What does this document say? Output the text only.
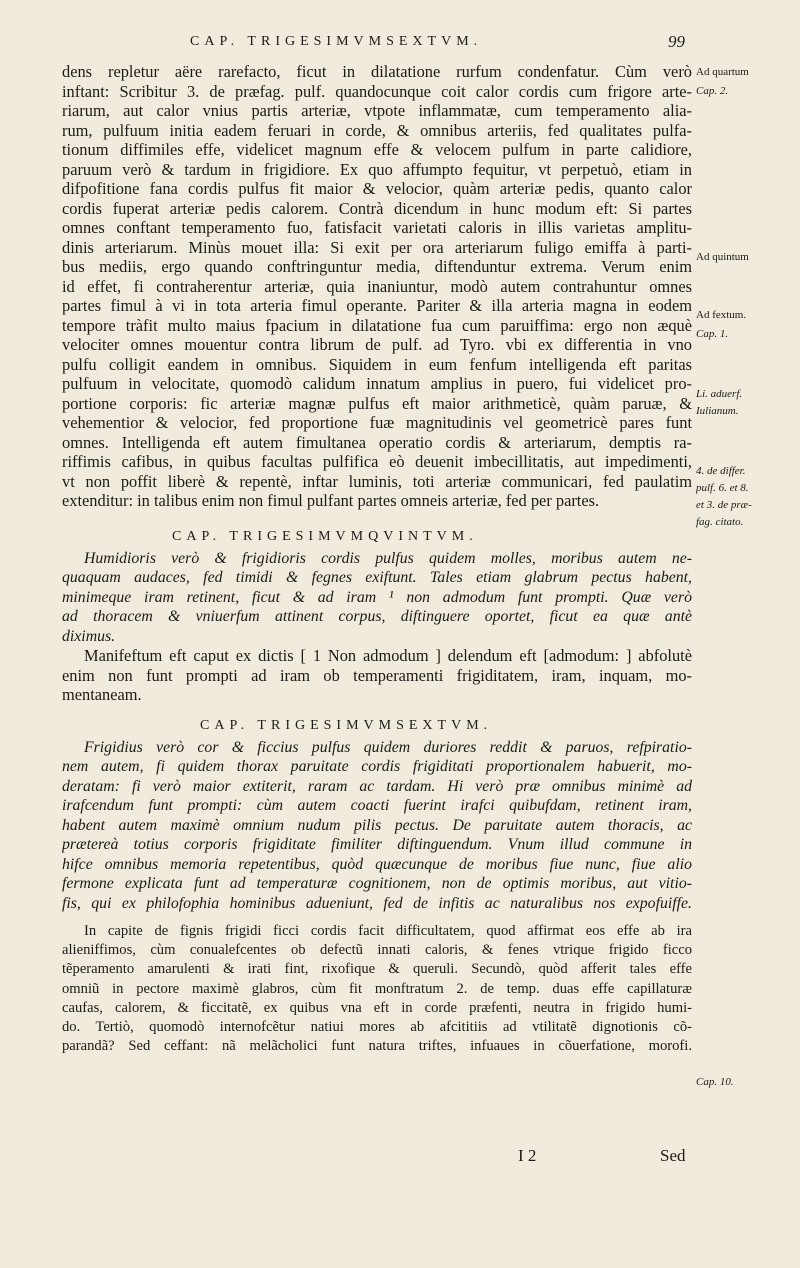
CAP. TRIGESIMVMSEXTVM.	99
dens repletur aëre rarefacto, ficut in dilatatione rurfum condenfatur. Cùm verò
inftant: Scribitur 3. de præfag. pulf. quandocunque coit calor cordis cum frigore arte-
riarum, aut calor vnius partis arteriæ, vtpote inflammatæ, cum temperamento alia-
rum, pulfuum initia eadem feruari in corde, & omnibus arteriis, fed qualitates pulfa-
tionum diffimiles effe, videlicet magnum effe & velocem pulfum in parte calidiore,
paruum verò & tardum in frigidiore. Ex quo affumpto fequitur, vt perpetuò, etiam in
difpofitione fana cordis pulfus fit maior & velocior, quàm arteriæ pedis, quanto calor
cordis fuperat arteriæ pedis calorem. Contrà dicendum in hunc modum eft: Si partes
omnes conftant temperamento fuo, fatisfacit varietati caloris in illis varietas amplitu-
dinis arteriarum. Minùs mouet illa: Si exit per ora arteriarum fuligo emiffa à parti-
bus mediis, ergo quando conftringuntur media, diftenduntur extrema. Verum enim
id effet, fi contraherentur arteriæ, quia inaniuntur, modò autem contrahuntur omnes
partes fimul à vi in tota arteria fimul operante. Pariter & illa arteria magna in eodem
tempore tràfit multo maius fpacium in dilatatione fua cum paruiffima: ergo non æquè
velociter omnes mouentur contra librum de pulf. ad Tyro. vbi ex differentia in vno
pulfu colligit eandem in omnibus. Siquidem in eum fenfum intelligenda eft paritas
pulfuum in velocitate, quomodò calidum innatum amplius in puero, fui videlicet pro-
portione corporis: fic arteriæ magnæ pulfus eft maior arithmeticè, quàm paruæ, &
vehementior & velocior, fed proportione fuæ magnitudinis vel geometricè pares funt
omnes. Intelligenda eft autem fimultanea operatio cordis & arteriarum, demptis ra-
riffimis cafibus, in quibus facultas pulfifica eò deuenit imbecillitatis, aut impedimenti,
vt non poffit liberè & repentè, inftar luminis, toti arteriæ communicari, fed paulatim
extenditur: in talibus enim non fimul pulfant partes omneis arteriæ, fed per partes.
CAP. TRIGESIMVMQVINTVM.
Humidioris verò & frigidioris cordis pulfus quidem molles, moribus autem ne-
quaquam audaces, fed timidi & fegnes exiftunt. Tales etiam glabrum pectus habent,
minimeque iram retinent, ficut & ad iram ¹ non admodum funt prompti. Quæ verò
ad thoracem & vniuerfum attinent corpus, diftinguere oportet, ficut ea quæ antè
diximus.
Manifeftum eft caput ex dictis [ 1 Non admodum ] delendum eft [admodum: ] abfolutè
enim non funt prompti ad iram ob temperamenti frigiditatem, iram, inquam, mo-
mentaneam.
CAP. TRIGESIMVMSEXTVM.
Frigidius verò cor & ficcius pulfus quidem duriores reddit & paruos, refpiratio-
nem autem, fi quidem thorax paruitate cordis frigiditati proportionalem habuerit, mo-
deratam: fi verò maior extiterit, raram ac tardam. Hi verò præ omnibus minimè ad
irafcendum funt prompti: cùm autem coacti fuerint irafci quibufdam, retinent iram,
habent autem maximè omnium nudum pilis pectus. De paruitate autem thoracis, ac
prætereà totius corporis frigiditate fimiliter diftinguendum. Vnum illud commune in
hifce omnibus memoria repetentibus, quòd quæcunque de moribus fiue nunc, fiue alio
fermone explicata funt ad temperaturæ cognitionem, non de optimis moribus, aut vitio-
fis, qui ex philofophia hominibus adueniunt, fed de infitis ac naturalibus nos expofuiffe.
In capite de fignis frigidi ficci cordis facit difficultatem, quod affirmat eos effe ab ira
alieniffimos, cùm conualefcentes ob defectũ innati caloris, & fenes vtrique frigido ficco
tẽperamento amarulenti & irati fint, rixofique & queruli. Secundò, quòd afferit tales effe
omniũ in pectore maximè glabros, cùm fit monftratum 2. de temp. duas effe capillaturæ
caufas, calorem, & ficcitatẽ, ex quibus vna eft in corde præfenti, neutra in frigido humi-
do. Tertiò, quomodò internofcẽtur natiui mores ab afcititiis ad vtilitatẽ dignotionis cõ-
parandã? Sed ceffant: nã melãcholici funt natura triftes, infuaues in cõuerfatione, morofi.
Ad quartum
Cap. 2.
Ad quintum
Ad fextum.
Cap. 1.
Li. aduerf.
Iulianum.
4. de differ.
pulf. 6. et 8.
et 3. de præ-
fag. citato.
Cap. 10.
I 2	Sed
